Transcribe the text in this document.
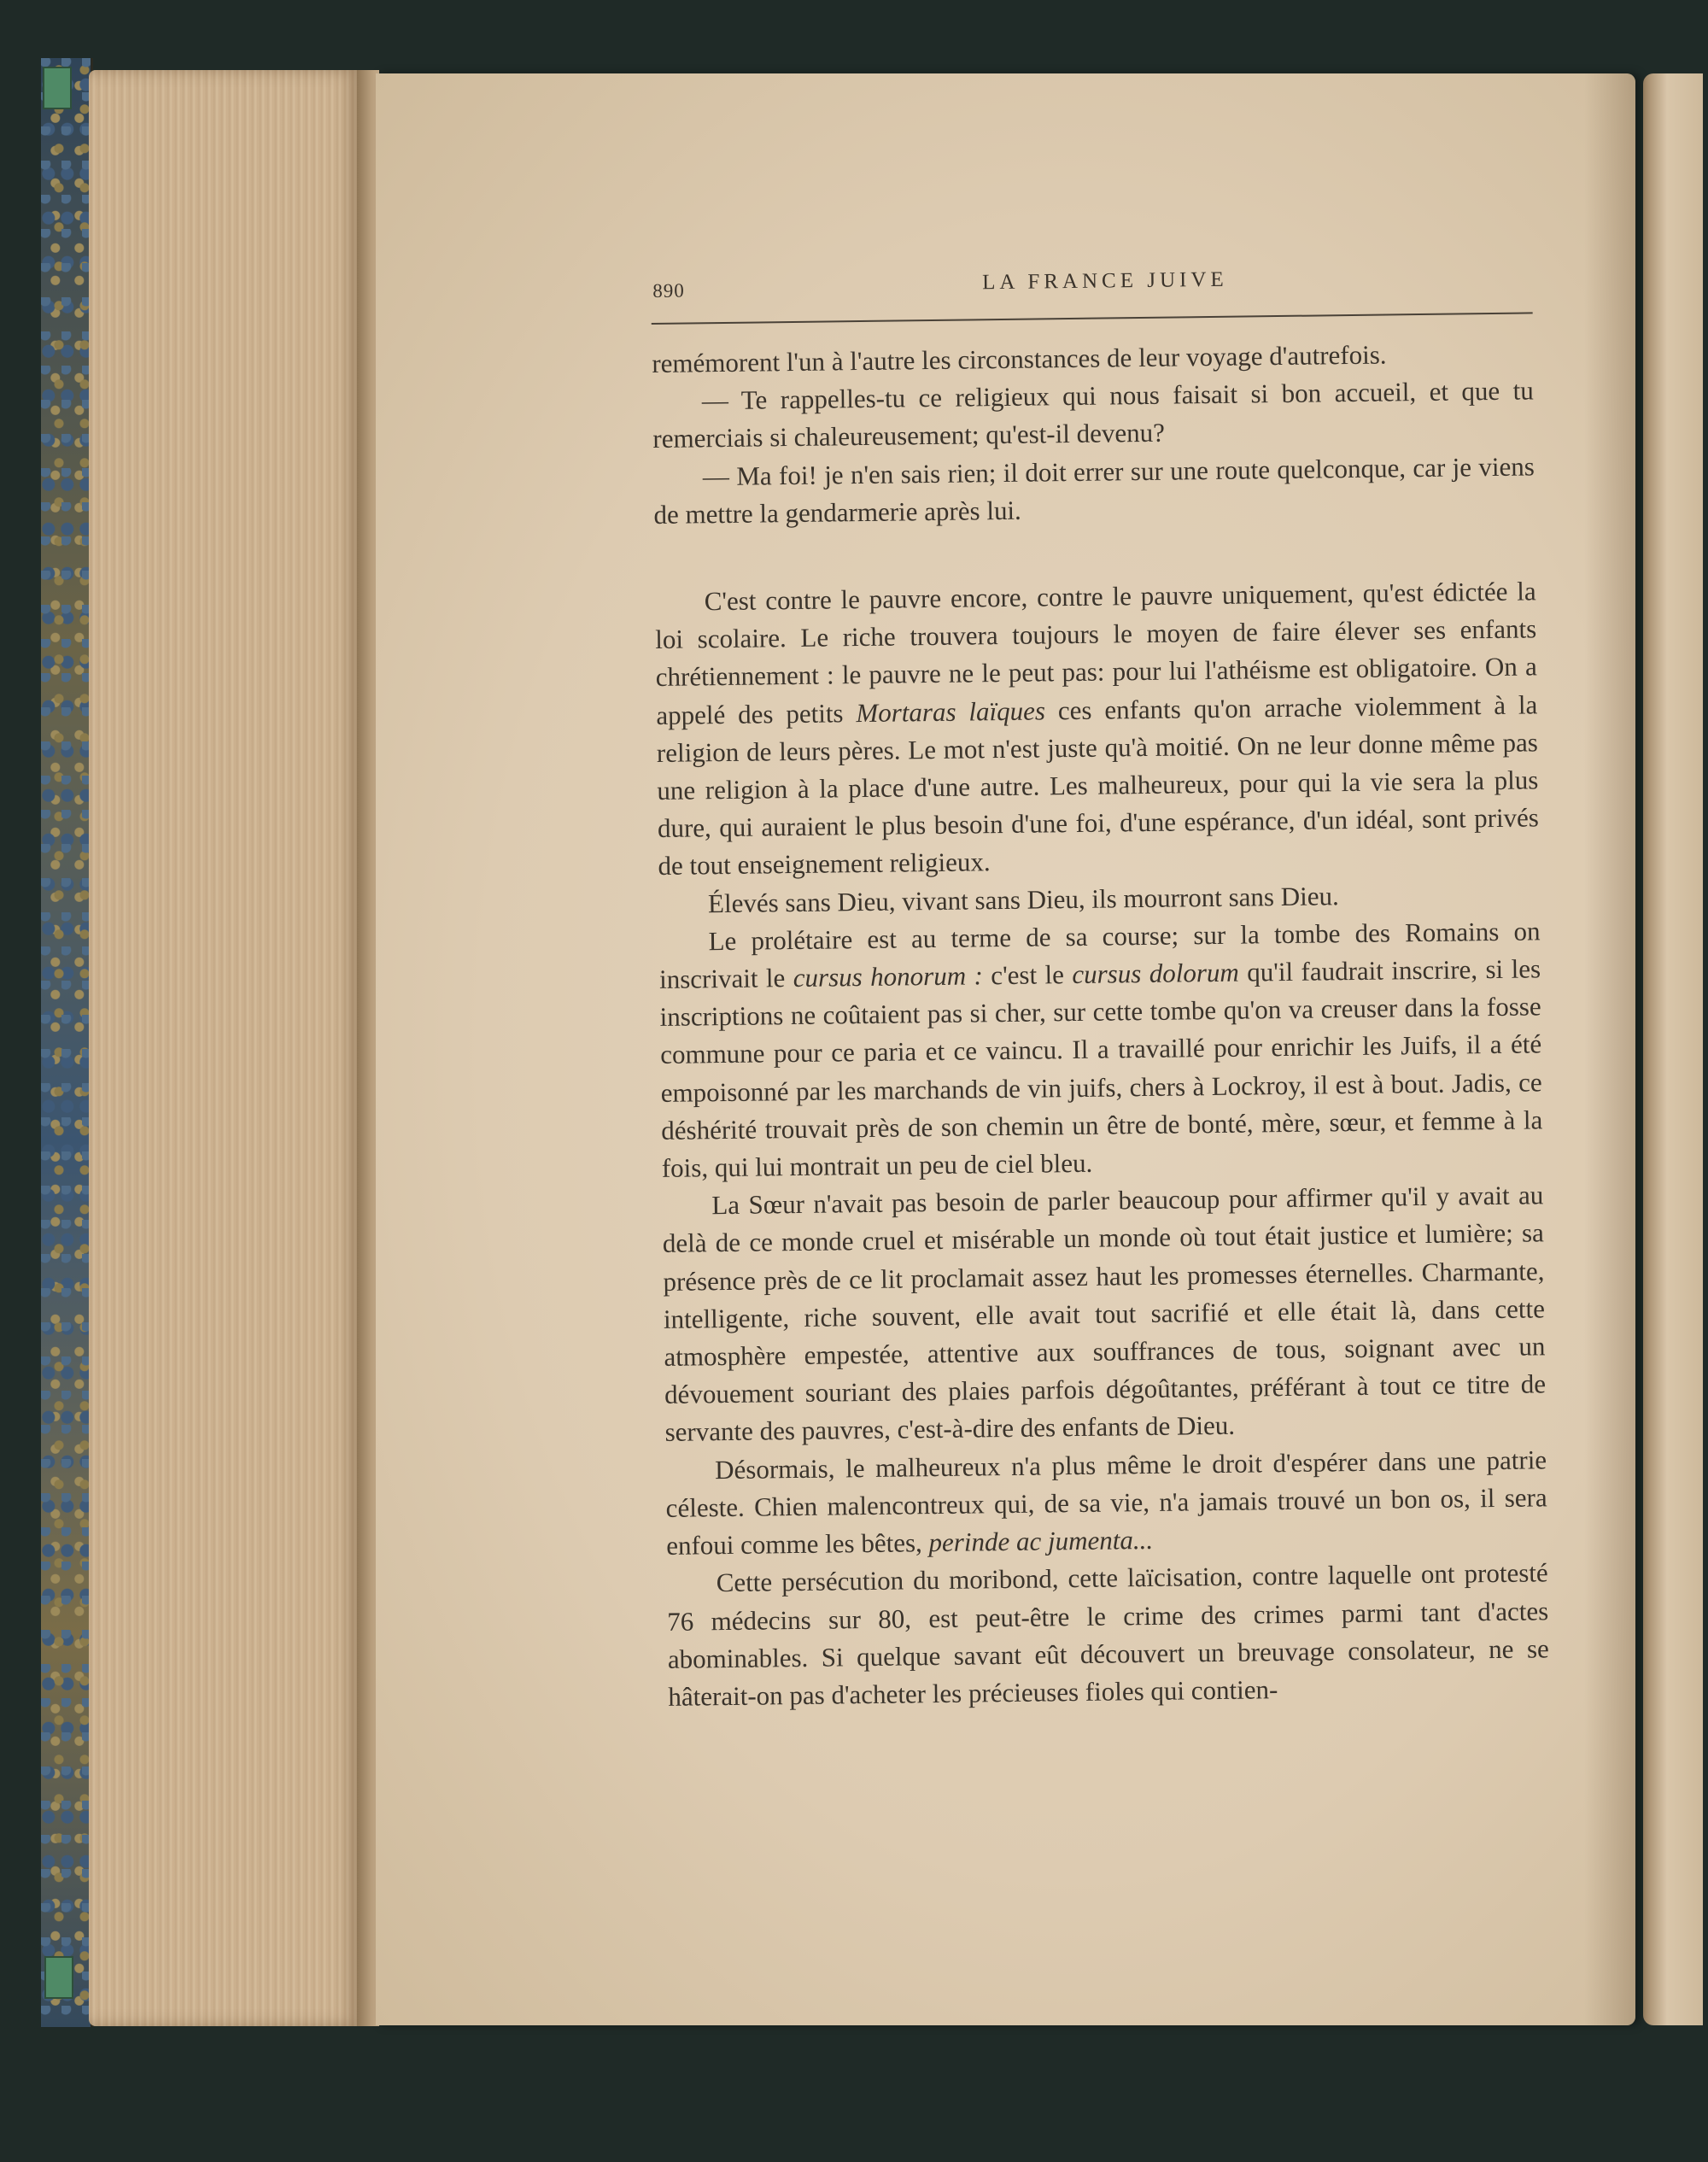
890	LA FRANCE JUIVE

remémorent l'un à l'autre les circonstances de leur voyage d'autrefois.

— Te rappelles-tu ce religieux qui nous faisait si bon accueil, et que tu remerciais si chaleureusement; qu'est-il devenu?

— Ma foi! je n'en sais rien; il doit errer sur une route quelconque, car je viens de mettre la gendarmerie après lui.

C'est contre le pauvre encore, contre le pauvre uniquement, qu'est édictée la loi scolaire. Le riche trouvera toujours le moyen de faire élever ses enfants chrétiennement : le pauvre ne le peut pas: pour lui l'athéisme est obligatoire. On a appelé des petits Mortaras laïques ces enfants qu'on arrache violemment à la religion de leurs pères. Le mot n'est juste qu'à moitié. On ne leur donne même pas une religion à la place d'une autre. Les malheureux, pour qui la vie sera la plus dure, qui auraient le plus besoin d'une foi, d'une espérance, d'un idéal, sont privés de tout enseignement religieux.

Élevés sans Dieu, vivant sans Dieu, ils mourront sans Dieu.

Le prolétaire est au terme de sa course; sur la tombe des Romains on inscrivait le cursus honorum : c'est le cursus dolorum qu'il faudrait inscrire, si les inscriptions ne coûtaient pas si cher, sur cette tombe qu'on va creuser dans la fosse commune pour ce paria et ce vaincu. Il a travaillé pour enrichir les Juifs, il a été empoisonné par les marchands de vin juifs, chers à Lockroy, il est à bout. Jadis, ce déshérité trouvait près de son chemin un être de bonté, mère, sœur, et femme à la fois, qui lui montrait un peu de ciel bleu.

La Sœur n'avait pas besoin de parler beaucoup pour affirmer qu'il y avait au delà de ce monde cruel et misérable un monde où tout était justice et lumière; sa présence près de ce lit proclamait assez haut les promesses éternelles. Charmante, intelligente, riche souvent, elle avait tout sacrifié et elle était là, dans cette atmosphère empestée, attentive aux souffrances de tous, soignant avec un dévouement souriant des plaies parfois dégoûtantes, préférant à tout ce titre de servante des pauvres, c'est-à-dire des enfants de Dieu.

Désormais, le malheureux n'a plus même le droit d'espérer dans une patrie céleste. Chien malencontreux qui, de sa vie, n'a jamais trouvé un bon os, il sera enfoui comme les bêtes, perinde ac jumenta...

Cette persécution du moribond, cette laïcisation, contre laquelle ont protesté 76 médecins sur 80, est peut-être le crime des crimes parmi tant d'actes abominables. Si quelque savant eût découvert un breuvage consolateur, ne se hâterait-on pas d'acheter les précieuses fioles qui contien-
